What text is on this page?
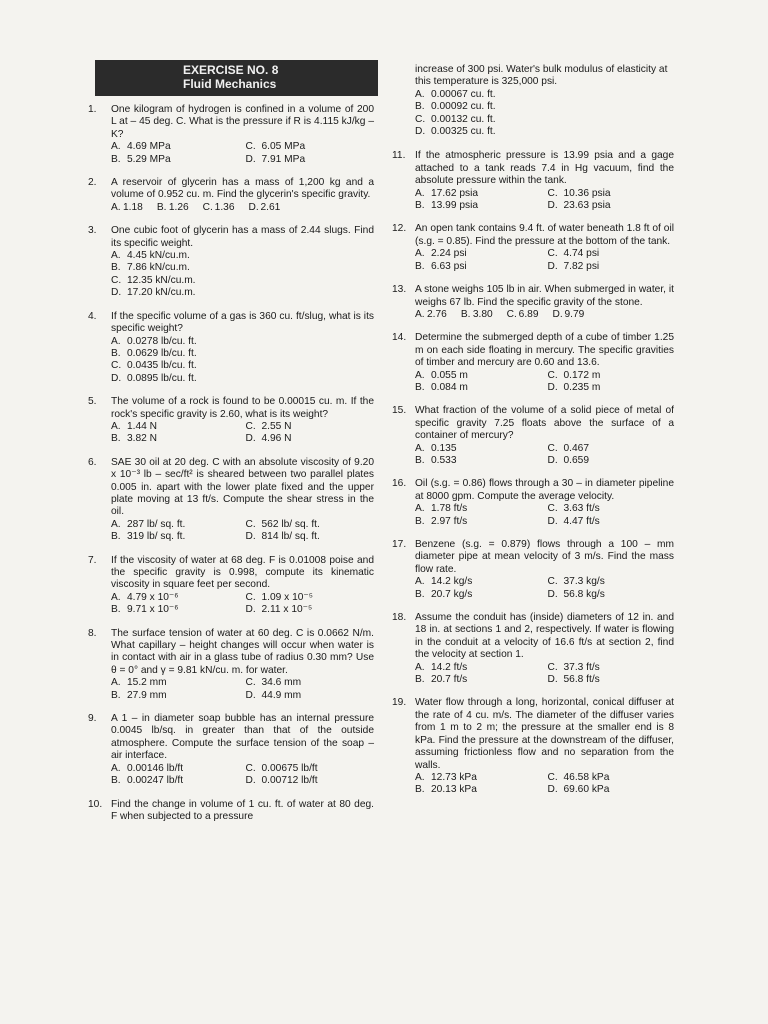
EXERCISE NO. 8
Fluid Mechanics
1. One kilogram of hydrogen is confined in a volume of 200 L at – 45 deg. C. What is the pressure if R is 4.115 kJ/kg – K?
A. 4.69 MPa	C. 6.05 MPa
B. 5.29 MPa	D. 7.91 MPa
2. A reservoir of glycerin has a mass of 1,200 kg and a volume of 0.952 cu. m. Find the glycerin's specific gravity.
A. 1.18 B. 1.26 C. 1.36 D. 2.61
3. One cubic foot of glycerin has a mass of 2.44 slugs. Find its specific weight.
A. 4.45 kN/cu.m.
B. 7.86 kN/cu.m.
C. 12.35 kN/cu.m.
D. 17.20 kN/cu.m.
4. If the specific volume of a gas is 360 cu. ft/slug, what is its specific weight?
A. 0.0278 lb/cu. ft.
B. 0.0629 lb/cu. ft.
C. 0.0435 lb/cu. ft.
D. 0.0895 lb/cu. ft.
5. The volume of a rock is found to be 0.00015 cu. m. If the rock's specific gravity is 2.60, what is its weight?
A. 1.44 N	C. 2.55 N
B. 3.82 N	D. 4.96 N
6. SAE 30 oil at 20 deg. C with an absolute viscosity of 9.20 x 10⁻³ lb – sec/ft² is sheared between two parallel plates 0.005 in. apart with the lower plate fixed and the upper plate moving at 13 ft/s. Compute the shear stress in the oil.
A. 287 lb/ sq. ft.	C. 562 lb/ sq. ft.
B. 319 lb/ sq. ft.	D. 814 lb/ sq. ft.
7. If the viscosity of water at 68 deg. F is 0.01008 poise and the specific gravity is 0.998, compute its kinematic viscosity in square feet per second.
A. 4.79 x 10⁻⁶	C. 1.09 x 10⁻⁵
B. 9.71 x 10⁻⁶	D. 2.11 x 10⁻⁵
8. The surface tension of water at 60 deg. C is 0.0662 N/m. What capillary – height changes will occur when water is in contact with air in a glass tube of radius 0.30 mm? Use θ = 0° and γ = 9.81 kN/cu. m. for water.
A. 15.2 mm	C. 34.6 mm
B. 27.9 mm	D. 44.9 mm
9. A 1 – in diameter soap bubble has an internal pressure 0.0045 lb/sq. in greater than that of the outside atmosphere. Compute the surface tension of the soap – air interface.
A. 0.00146 lb/ft	C. 0.00675 lb/ft
B. 0.00247 lb/ft	D. 0.00712 lb/ft
10. Find the change in volume of 1 cu. ft. of water at 80 deg. F when subjected to a pressure
increase of 300 psi. Water's bulk modulus of elasticity at this temperature is 325,000 psi.
A. 0.00067 cu. ft.
B. 0.00092 cu. ft.
C. 0.00132 cu. ft.
D. 0.00325 cu. ft.
11. If the atmospheric pressure is 13.99 psia and a gage attached to a tank reads 7.4 in Hg vacuum, find the absolute pressure within the tank.
A. 17.62 psia	C. 10.36 psia
B. 13.99 psia	D. 23.63 psia
12. An open tank contains 9.4 ft. of water beneath 1.8 ft of oil (s.g. = 0.85). Find the pressure at the bottom of the tank.
A. 2.24 psi	C. 4.74 psi
B. 6.63 psi	D. 7.82 psi
13. A stone weighs 105 lb in air. When submerged in water, it weighs 67 lb. Find the specific gravity of the stone.
A. 2.76 B. 3.80 C. 6.89 D. 9.79
14. Determine the submerged depth of a cube of timber 1.25 m on each side floating in mercury. The specific gravities of timber and mercury are 0.60 and 13.6.
A. 0.055 m	C. 0.172 m
B. 0.084 m	D. 0.235 m
15. What fraction of the volume of a solid piece of metal of specific gravity 7.25 floats above the surface of a container of mercury?
A. 0.135	C. 0.467
B. 0.533	D. 0.659
16. Oil (s.g. = 0.86) flows through a 30 – in diameter pipeline at 8000 gpm. Compute the average velocity.
A. 1.78 ft/s	C. 3.63 ft/s
B. 2.97 ft/s	D. 4.47 ft/s
17. Benzene (s.g. = 0.879) flows through a 100 – mm diameter pipe at mean velocity of 3 m/s. Find the mass flow rate.
A. 14.2 kg/s	C. 37.3 kg/s
B. 20.7 kg/s	D. 56.8 kg/s
18. Assume the conduit has (inside) diameters of 12 in. and 18 in. at sections 1 and 2, respectively. If water is flowing in the conduit at a velocity of 16.6 ft/s at section 2, find the velocity at section 1.
A. 14.2 ft/s	C. 37.3 ft/s
B. 20.7 ft/s	D. 56.8 ft/s
19. Water flow through a long, horizontal, conical diffuser at the rate of 4 cu. m/s. The diameter of the diffuser varies from 1 m to 2 m; the pressure at the smaller end is 8 kPa. Find the pressure at the downstream of the diffuser, assuming frictionless flow and no separation from the walls.
A. 12.73 kPa	C. 46.58 kPa
B. 20.13 kPa	D. 69.60 kPa
